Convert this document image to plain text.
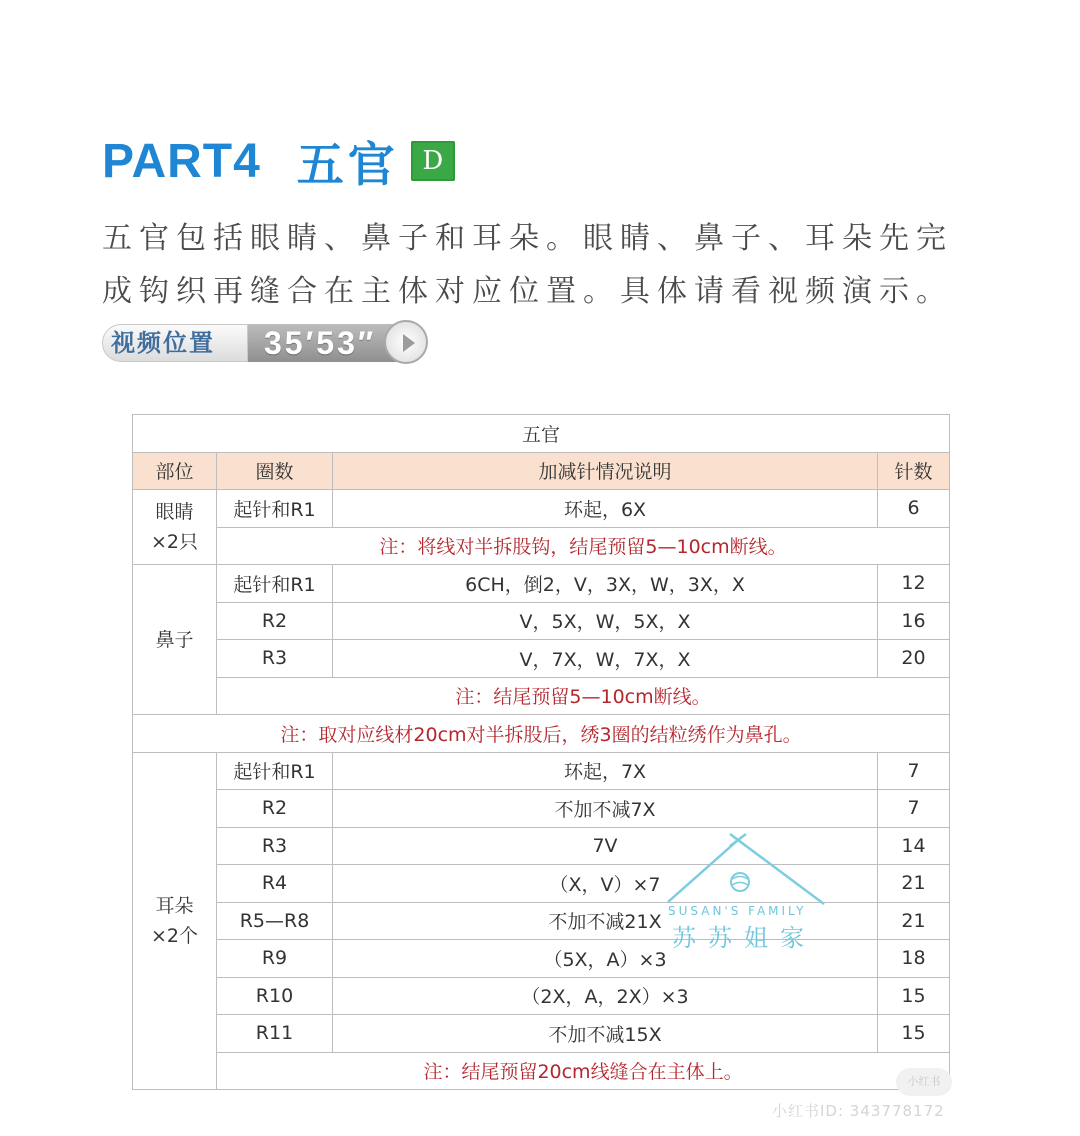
PART4 五官 D
五官包括眼睛、鼻子和耳朵。眼睛、鼻子、耳朵先完
成钩织再缝合在主体对应位置。具体请看视频演示。
视频位置	35′53″
五官			
部位	圈数	加减针情况说明	针数

眼睛
×2只	起针和R1	环起，6X	6
	注：将线对半拆股钩，结尾预留5—10cm断线。		
鼻子	起针和R1	6CH，倒2，V，3X，W，3X，X	12
	R2	V，5X，W，5X，X	16
	R3	V，7X，W，7X，X	20
	注：结尾预留5—10cm断线。		
注：取对应线材20cm对半拆股后，绣3圈的结粒绣作为鼻孔。			

耳朵
×2个	起针和R1	环起，7X	7
	R2	不加不减7X	7
	R3	7V	14
	R4	（X，V）×7	21
	R5—R8	不加不减21X	21
	R9	（5X，A）×3	18
	R10	（2X，A，2X）×3	15
	R11	不加不减15X	15
	注：结尾预留20cm线缝合在主体上。		
SUSAN'S FAMILY
苏苏姐家
小红书
小红书ID: 343778172
